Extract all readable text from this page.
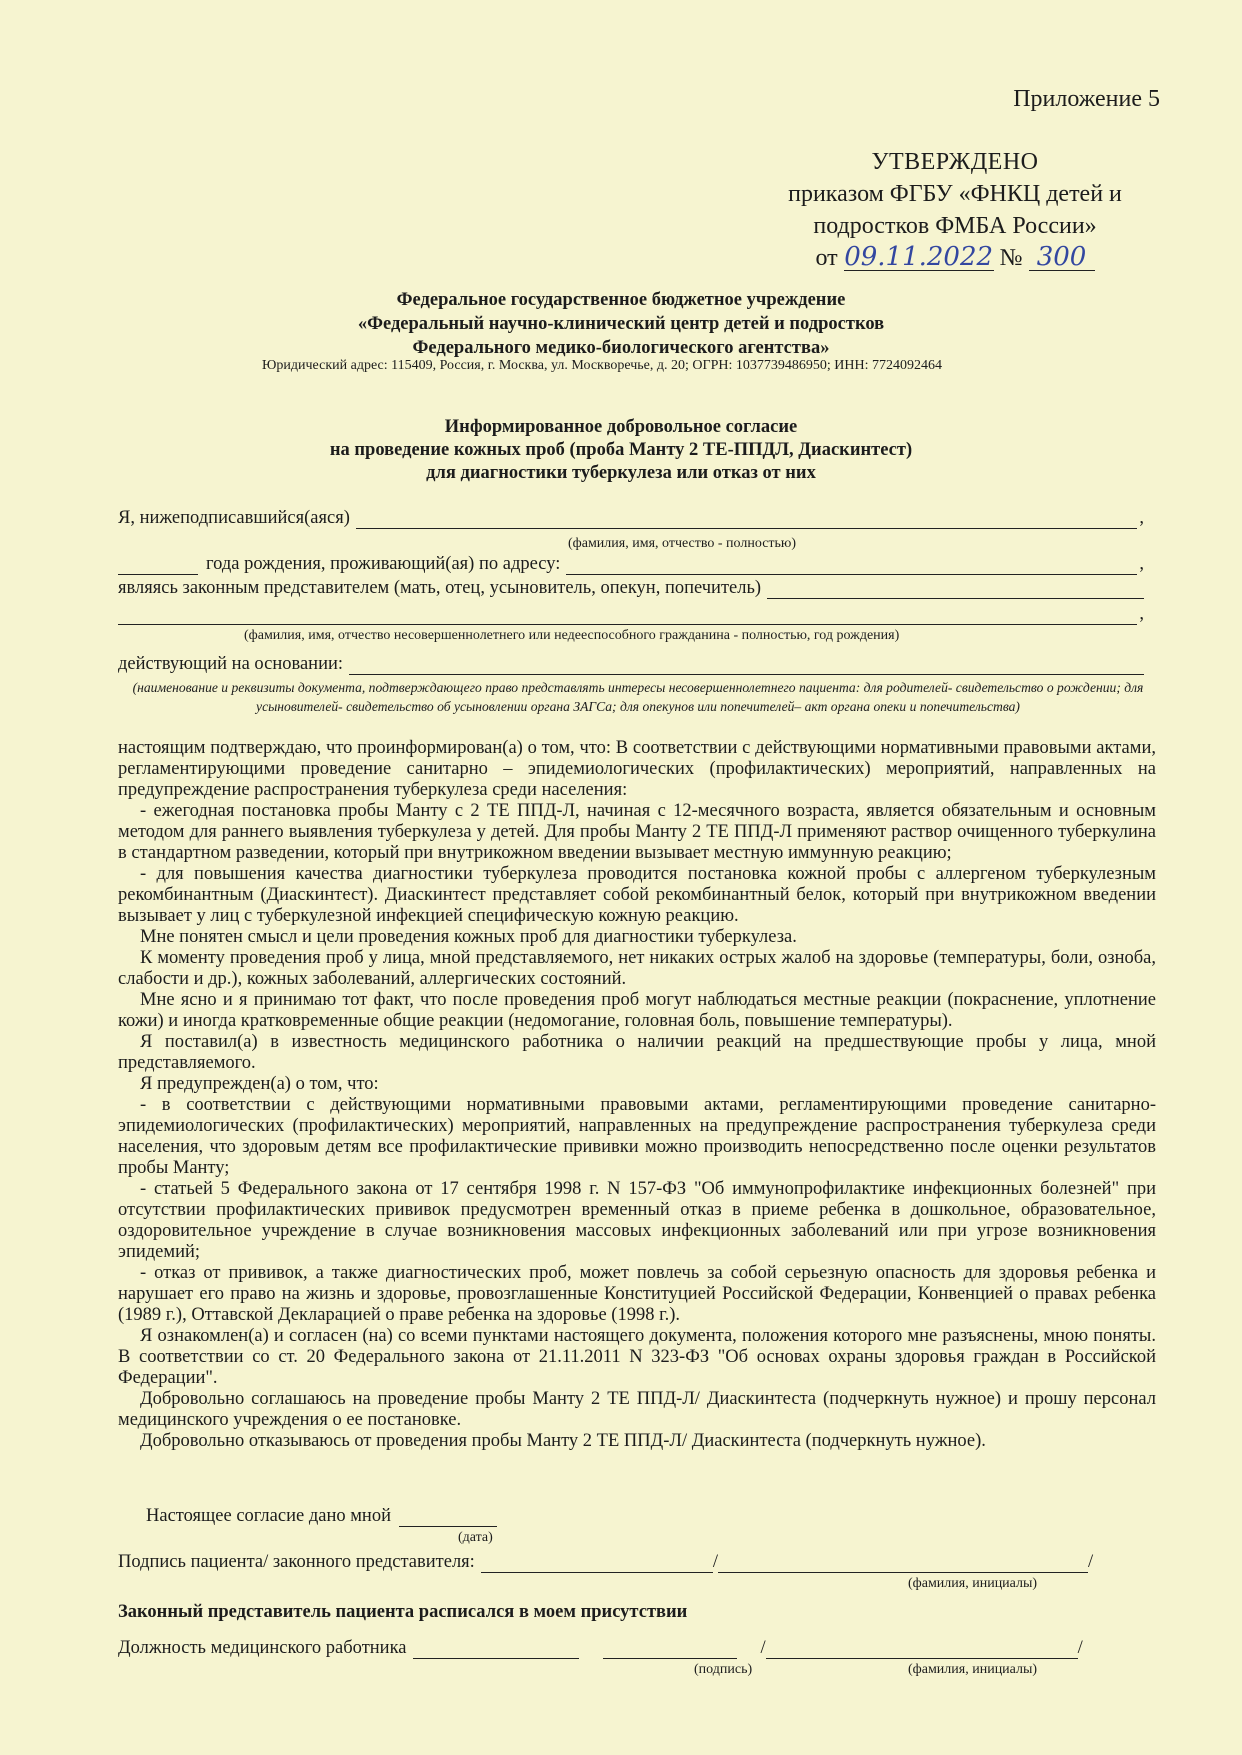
Приложение 5
УТВЕРЖДЕНО
приказом ФГБУ «ФНКЦ детей и
подростков ФМБА России»
от 09.11.2022 № 300
Федеральное государственное бюджетное учреждение
«Федеральный научно-клинический центр детей и подростков
Федерального медико-биологического агентства»
Юридический адрес: 115409, Россия, г. Москва, ул. Москворечье, д. 20; ОГРН: 1037739486950; ИНН: 7724092464
Информированное добровольное согласие
на проведение кожных проб (проба Манту 2 ТЕ-ППДЛ, Диаскинтест)
для диагностики туберкулеза или отказ от них
Я, нижеподписавшийся(аяся)	,
(фамилия, имя, отчество - полностью)
года рождения, проживающий(ая) по адресу:	,
являясь законным представителем (мать, отец, усыновитель, опекун, попечитель)
,
(фамилия, имя, отчество несовершеннолетнего или недееспособного гражданина - полностью, год рождения)
действующий на основании:
(наименование и реквизиты документа, подтверждающего право представлять интересы несовершеннолетнего пациента: для родителей- свидетельство о рождении; для усыновителей- свидетельство об усыновлении органа ЗАГСа; для опекунов или попечителей– акт органа опеки и попечительства)

настоящим подтверждаю, что проинформирован(а) о том, что: В соответствии с действующими нормативными правовыми актами, регламентирующими проведение санитарно – эпидемиологических (профилактических) мероприятий, направленных на предупреждение распространения туберкулеза среди населения:

- ежегодная постановка пробы Манту с 2 ТЕ ППД-Л, начиная с 12-месячного возраста, является обязательным и основным методом для раннего выявления туберкулеза у детей. Для пробы Манту 2 ТЕ ППД-Л применяют раствор очищенного туберкулина в стандартном разведении, который при внутрикожном введении вызывает местную иммунную реакцию;

- для повышения качества диагностики туберкулеза проводится постановка кожной пробы с аллергеном туберкулезным рекомбинантным (Диаскинтест). Диаскинтест представляет собой рекомбинантный белок, который при внутрикожном введении вызывает у лиц с туберкулезной инфекцией специфическую кожную реакцию.

Мне понятен смысл и цели проведения кожных проб для диагностики туберкулеза.

К моменту проведения проб у лица, мной представляемого, нет никаких острых жалоб на здоровье (температуры, боли, озноба, слабости и др.), кожных заболеваний, аллергических состояний.

Мне ясно и я принимаю тот факт, что после проведения проб могут наблюдаться местные реакции (покраснение, уплотнение кожи) и иногда кратковременные общие реакции (недомогание, головная боль, повышение температуры).

Я поставил(а) в известность медицинского работника о наличии реакций на предшествующие пробы у лица, мной представляемого.

Я предупрежден(а) о том, что:

- в соответствии с действующими нормативными правовыми актами, регламентирующими проведение санитарно-эпидемиологических (профилактических) мероприятий, направленных на предупреждение распространения туберкулеза среди населения, что здоровым детям все профилактические прививки можно производить непосредственно после оценки результатов пробы Манту;

- статьей 5 Федерального закона от 17 сентября 1998 г. N 157-ФЗ "Об иммунопрофилактике инфекционных болезней" при отсутствии профилактических прививок предусмотрен временный отказ в приеме ребенка в дошкольное, образовательное, оздоровительное учреждение в случае возникновения массовых инфекционных заболеваний или при угрозе возникновения эпидемий;

- отказ от прививок, а также диагностических проб, может повлечь за собой серьезную опасность для здоровья ребенка и нарушает его право на жизнь и здоровье, провозглашенные Конституцией Российской Федерации, Конвенцией о правах ребенка (1989 г.), Оттавской Декларацией о праве ребенка на здоровье (1998 г.).

Я ознакомлен(а) и согласен (на) со всеми пунктами настоящего документа, положения которого мне разъяснены, мною поняты. В соответствии со ст. 20 Федерального закона от 21.11.2011 N 323-ФЗ "Об основах охраны здоровья граждан в Российской Федерации".

Добровольно соглашаюсь на проведение пробы Манту 2 ТЕ ППД-Л/ Диаскинтеста (подчеркнуть нужное) и прошу персонал медицинского учреждения о ее постановке.

Добровольно отказываюсь от проведения пробы Манту 2 ТЕ ППД-Л/ Диаскинтеста (подчеркнуть нужное).

Настоящее согласие дано мной
(дата)
Подпись пациента/ законного представителя:	/	/
(фамилия, инициалы)
Законный представитель пациента расписался в моем присутствии
Должность медицинского работника	/	/
(подпись)	(фамилия, инициалы)
